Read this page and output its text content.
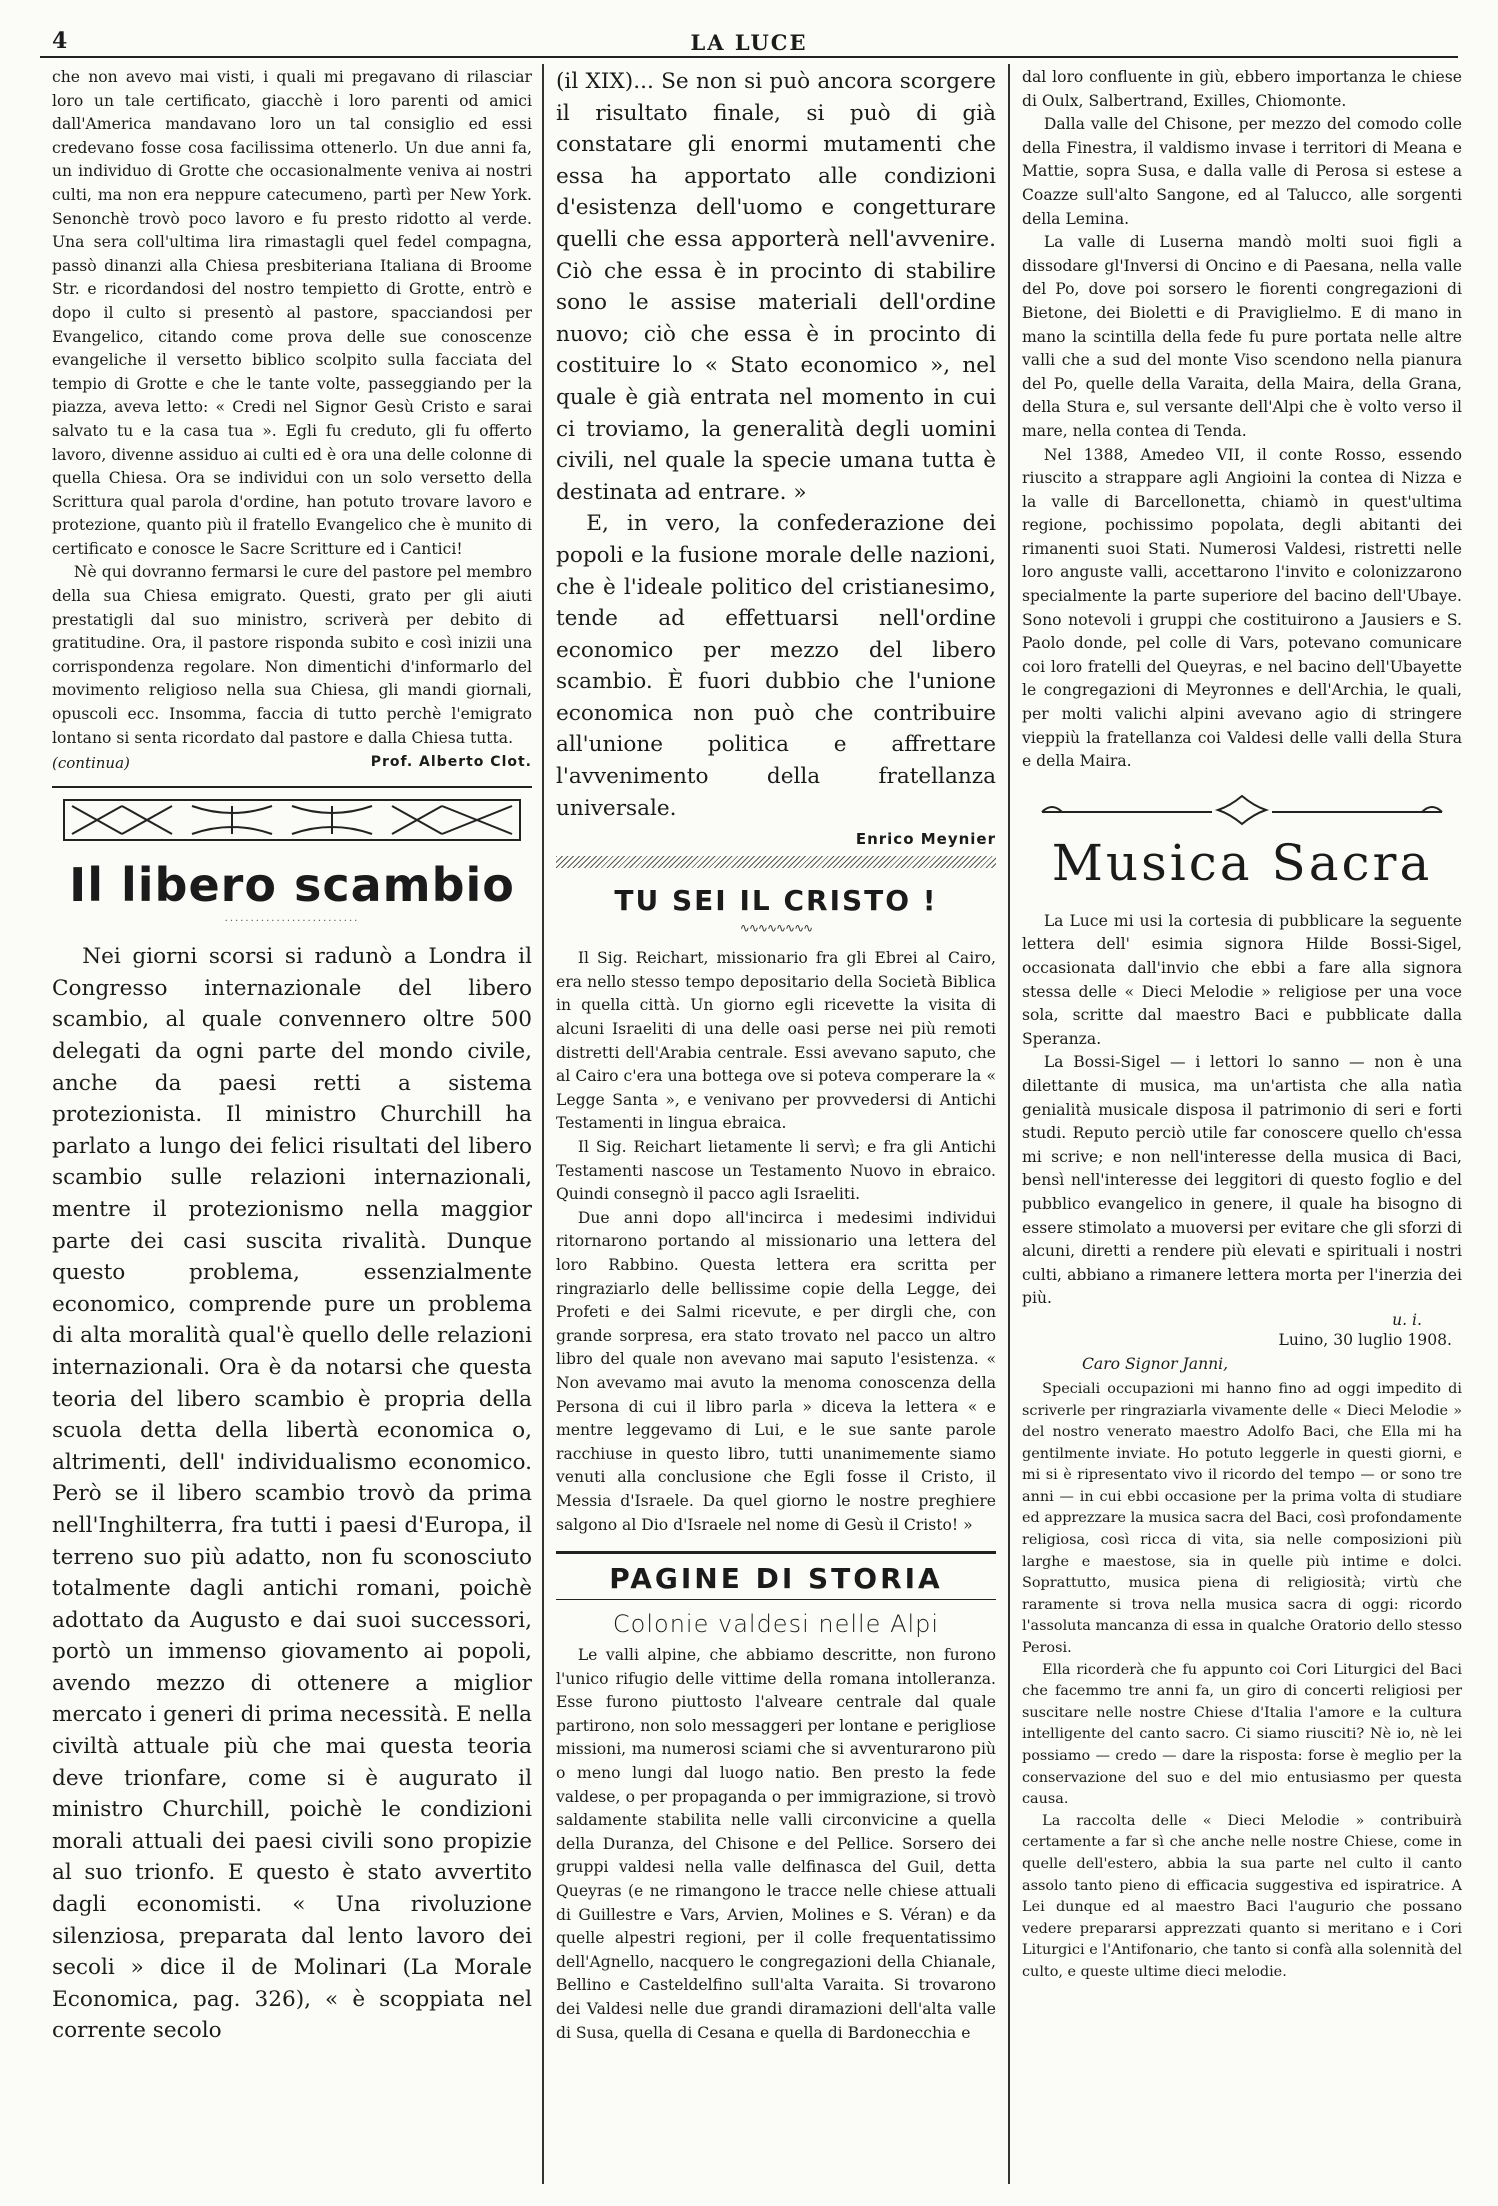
4	LA LUCE

che non avevo mai visti, i quali mi pregavano di rilasciar loro un tale certificato, giacchè i loro parenti od amici dall'America mandavano loro un tal consiglio ed essi credevano fosse cosa facilissima ottenerlo. Un due anni fa, un individuo di Grotte che occasionalmente veniva ai nostri culti, ma non era neppure catecumeno, partì per New York. Senonchè trovò poco lavoro e fu presto ridotto al verde. Una sera coll'ultima lira rimastagli quel fedel compagna, passò dinanzi alla Chiesa presbiteriana Italiana di Broome Str. e ricordandosi del nostro tempietto di Grotte, entrò e dopo il culto si presentò al pastore, spacciandosi per Evangelico, citando come prova delle sue conoscenze evangeliche il versetto biblico scolpito sulla facciata del tempio di Grotte e che le tante volte, passeggiando per la piazza, aveva letto: « Credi nel Signor Gesù Cristo e sarai salvato tu e la casa tua ». Egli fu creduto, gli fu offerto lavoro, divenne assiduo ai culti ed è ora una delle colonne di quella Chiesa. Ora se individui con un solo versetto della Scrittura qual parola d'ordine, han potuto trovare lavoro e protezione, quanto più il fratello Evangelico che è munito di certificato e conosce le Sacre Scritture ed i Cantici!

Nè qui dovranno fermarsi le cure del pastore pel membro della sua Chiesa emigrato. Questi, grato per gli aiuti prestatigli dal suo ministro, scriverà per debito di gratitudine. Ora, il pastore risponda subito e così inizii una corrispondenza regolare. Non dimentichi d'informarlo del movimento religioso nella sua Chiesa, gli mandi giornali, opuscoli ecc. Insomma, faccia di tutto perchè l'emigrato lontano si senta ricordato dal pastore e dalla Chiesa tutta.

(continua)	Prof. Alberto Clot.
Il libero scambio
··························

Nei giorni scorsi si radunò a Londra il Congresso internazionale del libero scambio, al quale convennero oltre 500 delegati da ogni parte del mondo civile, anche da paesi retti a sistema protezionista. Il ministro Churchill ha parlato a lungo dei felici risultati del libero scambio sulle relazioni internazionali, mentre il protezionismo nella maggior parte dei casi suscita rivalità. Dunque questo problema, essenzialmente economico, comprende pure un problema di alta moralità qual'è quello delle relazioni internazionali. Ora è da notarsi che questa teoria del libero scambio è propria della scuola detta della libertà economica o, altrimenti, dell' individualismo economico. Però se il libero scambio trovò da prima nell'Inghilterra, fra tutti i paesi d'Europa, il terreno suo più adatto, non fu sconosciuto totalmente dagli antichi romani, poichè adottato da Augusto e dai suoi successori, portò un immenso giovamento ai popoli, avendo mezzo di ottenere a miglior mercato i generi di prima necessità. E nella civiltà attuale più che mai questa teoria deve trionfare, come si è augurato il ministro Churchill, poichè le condizioni morali attuali dei paesi civili sono propizie al suo trionfo. E questo è stato avvertito dagli economisti. « Una rivoluzione silenziosa, preparata dal lento lavoro dei secoli » dice il de Molinari (La Morale Economica, pag. 326), « è scoppiata nel corrente secolo

(il XIX)... Se non si può ancora scorgere il risultato finale, si può di già constatare gli enormi mutamenti che essa ha apportato alle condizioni d'esistenza dell'uomo e congetturare quelli che essa apporterà nell'avvenire. Ciò che essa è in procinto di stabilire sono le assise materiali dell'ordine nuovo; ciò che essa è in procinto di costituire lo « Stato economico », nel quale è già entrata nel momento in cui ci troviamo, la generalità degli uomini civili, nel quale la specie umana tutta è destinata ad entrare. »

E, in vero, la confederazione dei popoli e la fusione morale delle nazioni, che è l'ideale politico del cristianesimo, tende ad effettuarsi nell'ordine economico per mezzo del libero scambio. È fuori dubbio che l'unione economica non può che contribuire all'unione politica e affrettare l'avvenimento della fratellanza universale.

Enrico Meynier
TU SEI IL CRISTO !
∿∿∿∿∿∿∿∿

Il Sig. Reichart, missionario fra gli Ebrei al Cairo, era nello stesso tempo depositario della Società Biblica in quella città. Un giorno egli ricevette la visita di alcuni Israeliti di una delle oasi perse nei più remoti distretti dell'Arabia centrale. Essi avevano saputo, che al Cairo c'era una bottega ove si poteva comperare la « Legge Santa », e venivano per provvedersi di Antichi Testamenti in lingua ebraica.

Il Sig. Reichart lietamente li servì; e fra gli Antichi Testamenti nascose un Testamento Nuovo in ebraico. Quindi consegnò il pacco agli Israeliti.

Due anni dopo all'incirca i medesimi individui ritornarono portando al missionario una lettera del loro Rabbino. Questa lettera era scritta per ringraziarlo delle bellissime copie della Legge, dei Profeti e dei Salmi ricevute, e per dirgli che, con grande sorpresa, era stato trovato nel pacco un altro libro del quale non avevano mai saputo l'esistenza. « Non avevamo mai avuto la menoma conoscenza della Persona di cui il libro parla » diceva la lettera « e mentre leggevamo di Lui, e le sue sante parole racchiuse in questo libro, tutti unanimemente siamo venuti alla conclusione che Egli fosse il Cristo, il Messia d'Israele. Da quel giorno le nostre preghiere salgono al Dio d'Israele nel nome di Gesù il Cristo! »

PAGINE DI STORIA
Colonie valdesi nelle Alpi

Le valli alpine, che abbiamo descritte, non furono l'unico rifugio delle vittime della romana intolleranza. Esse furono piuttosto l'alveare centrale dal quale partirono, non solo messaggeri per lontane e perigliose missioni, ma numerosi sciami che si avventurarono più o meno lungi dal luogo natio. Ben presto la fede valdese, o per propaganda o per immigrazione, si trovò saldamente stabilita nelle valli circonvicine a quella della Duranza, del Chisone e del Pellice. Sorsero dei gruppi valdesi nella valle delfinasca del Guil, detta Queyras (e ne rimangono le tracce nelle chiese attuali di Guillestre e Vars, Arvien, Molines e S. Véran) e da quelle alpestri regioni, per il colle frequentatissimo dell'Agnello, nacquero le congregazioni della Chianale, Bellino e Casteldelfino sull'alta Varaita. Si trovarono dei Valdesi nelle due grandi diramazioni dell'alta valle di Susa, quella di Cesana e quella di Bardonecchia e

dal loro confluente in giù, ebbero importanza le chiese di Oulx, Salbertrand, Exilles, Chiomonte.

Dalla valle del Chisone, per mezzo del comodo colle della Finestra, il valdismo invase i territori di Meana e Mattie, sopra Susa, e dalla valle di Perosa si estese a Coazze sull'alto Sangone, ed al Talucco, alle sorgenti della Lemina.

La valle di Luserna mandò molti suoi figli a dissodare gl'Inversi di Oncino e di Paesana, nella valle del Po, dove poi sorsero le fiorenti congregazioni di Bietone, dei Bioletti e di Praviglielmo. E di mano in mano la scintilla della fede fu pure portata nelle altre valli che a sud del monte Viso scendono nella pianura del Po, quelle della Varaita, della Maira, della Grana, della Stura e, sul versante dell'Alpi che è volto verso il mare, nella contea di Tenda.

Nel 1388, Amedeo VII, il conte Rosso, essendo riuscito a strappare agli Angioini la contea di Nizza e la valle di Barcellonetta, chiamò in quest'ultima regione, pochissimo popolata, degli abitanti dei rimanenti suoi Stati. Numerosi Valdesi, ristretti nelle loro anguste valli, accettarono l'invito e colonizzarono specialmente la parte superiore del bacino dell'Ubaye. Sono notevoli i gruppi che costituirono a Jausiers e S. Paolo donde, pel colle di Vars, potevano comunicare coi loro fratelli del Queyras, e nel bacino dell'Ubayette le congregazioni di Meyronnes e dell'Archia, le quali, per molti valichi alpini avevano agio di stringere vieppiù la fratellanza coi Valdesi delle valli della Stura e della Maira.

Musica Sacra

La Luce mi usi la cortesia di pubblicare la seguente lettera dell' esimia signora Hilde Bossi-Sigel, occasionata dall'invio che ebbi a fare alla signora stessa delle « Dieci Melodie » religiose per una voce sola, scritte dal maestro Baci e pubblicate dalla Speranza.

La Bossi-Sigel — i lettori lo sanno — non è una dilettante di musica, ma un'artista che alla natìa genialità musicale disposa il patrimonio di seri e forti studi. Reputo perciò utile far conoscere quello ch'essa mi scrive; e non nell'interesse della musica di Baci, bensì nell'interesse dei leggitori di questo foglio e del pubblico evangelico in genere, il quale ha bisogno di essere stimolato a muoversi per evitare che gli sforzi di alcuni, diretti a rendere più elevati e spirituali i nostri culti, abbiano a rimanere lettera morta per l'inerzia dei più.

u. i.
Luino, 30 luglio 1908.
Caro Signor Janni,

Speciali occupazioni mi hanno fino ad oggi impedito di scriverle per ringraziarla vivamente delle « Dieci Melodie » del nostro venerato maestro Adolfo Baci, che Ella mi ha gentilmente inviate. Ho potuto leggerle in questi giorni, e mi si è ripresentato vivo il ricordo del tempo — or sono tre anni — in cui ebbi occasione per la prima volta di studiare ed apprezzare la musica sacra del Baci, così profondamente religiosa, così ricca di vita, sia nelle composizioni più larghe e maestose, sia in quelle più intime e dolci. Soprattutto, musica piena di religiosità; virtù che raramente si trova nella musica sacra di oggi: ricordo l'assoluta mancanza di essa in qualche Oratorio dello stesso Perosi.

Ella ricorderà che fu appunto coi Cori Liturgici del Baci che facemmo tre anni fa, un giro di concerti religiosi per suscitare nelle nostre Chiese d'Italia l'amore e la cultura intelligente del canto sacro. Ci siamo riusciti? Nè io, nè lei possiamo — credo — dare la risposta: forse è meglio per la conservazione del suo e del mio entusiasmo per questa causa.

La raccolta delle « Dieci Melodie » contribuirà certamente a far sì che anche nelle nostre Chiese, come in quelle dell'estero, abbia la sua parte nel culto il canto assolo tanto pieno di efficacia suggestiva ed ispiratrice. A Lei dunque ed al maestro Baci l'augurio che possano vedere prepararsi apprezzati quanto si meritano e i Cori Liturgici e l'Antifonario, che tanto si confà alla solennità del culto, e queste ultime dieci melodie.
